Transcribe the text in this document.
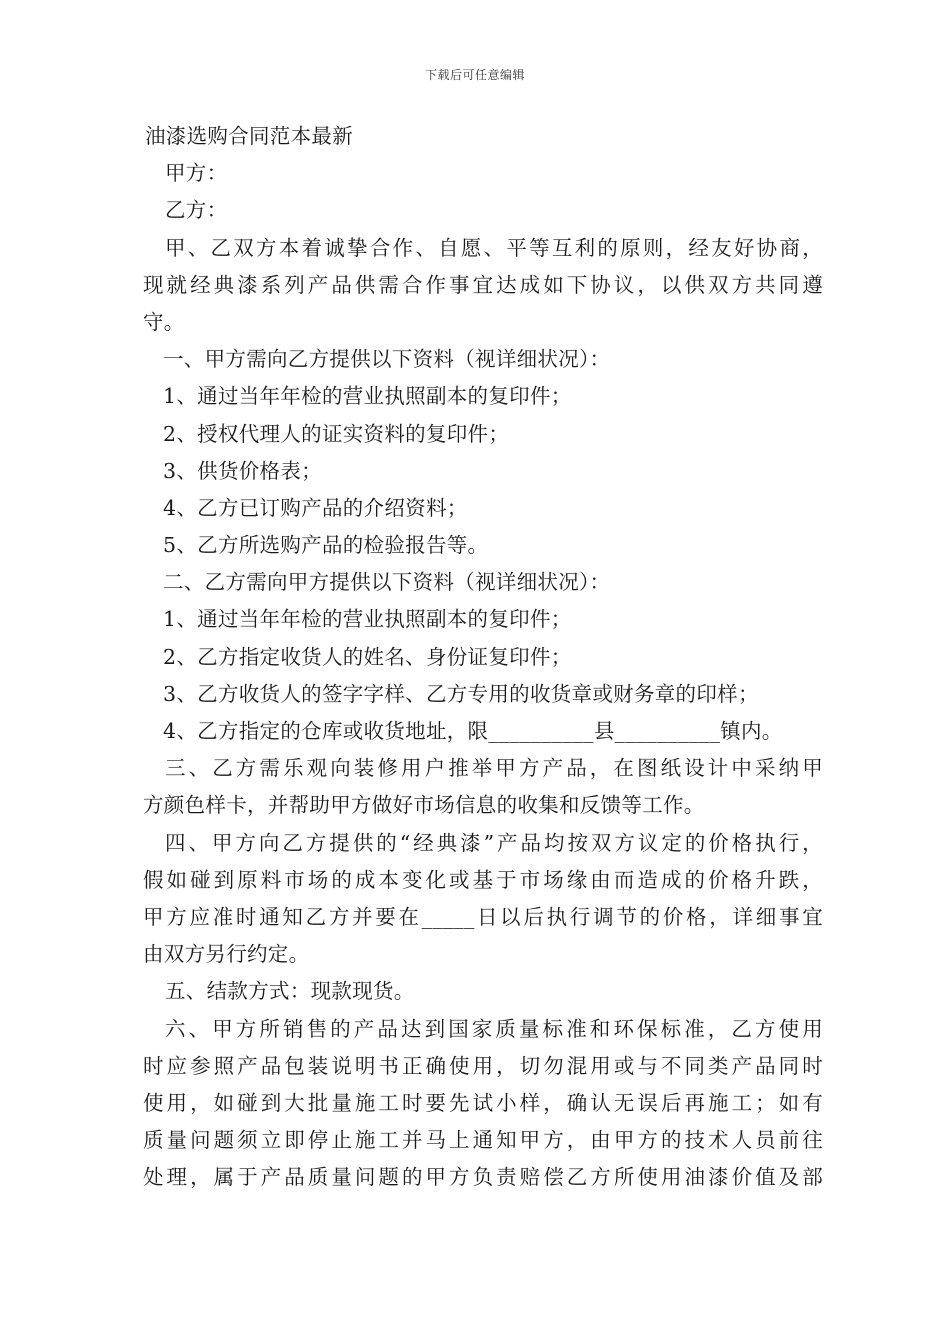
下载后可任意编辑
油漆选购合同范本最新
甲方：
乙方：
甲、乙双方本着诚挚合作、自愿、平等互利的原则，经友好协商，
现就经典漆系列产品供需合作事宜达成如下协议，以供双方共同遵
守。
一、甲方需向乙方提供以下资料（视详细状况）：
1、通过当年年检的营业执照副本的复印件；
2、授权代理人的证实资料的复印件；
3、供货价格表；
4、乙方已订购产品的介绍资料；
5、乙方所选购产品的检验报告等。
二、乙方需向甲方提供以下资料（视详细状况）：
1、通过当年年检的营业执照副本的复印件；
2、乙方指定收货人的姓名、身份证复印件；
3、乙方收货人的签字字样、乙方专用的收货章或财务章的印样；
4、乙方指定的仓库或收货地址，限__________县__________镇内。
三、乙方需乐观向装修用户推举甲方产品，在图纸设计中采纳甲
方颜色样卡，并帮助甲方做好市场信息的收集和反馈等工作。
四、甲方向乙方提供的“经典漆”产品均按双方议定的价格执行，
假如碰到原料市场的成本变化或基于市场缘由而造成的价格升跌，
甲方应准时通知乙方并要在_____日以后执行调节的价格，详细事宜
由双方另行约定。
五、结款方式：现款现货。
六、甲方所销售的产品达到国家质量标准和环保标准，乙方使用
时应参照产品包装说明书正确使用，切勿混用或与不同类产品同时
使用，如碰到大批量施工时要先试小样，确认无误后再施工；如有
质量问题须立即停止施工并马上通知甲方，由甲方的技术人员前往
处理，属于产品质量问题的甲方负责赔偿乙方所使用油漆价值及部
